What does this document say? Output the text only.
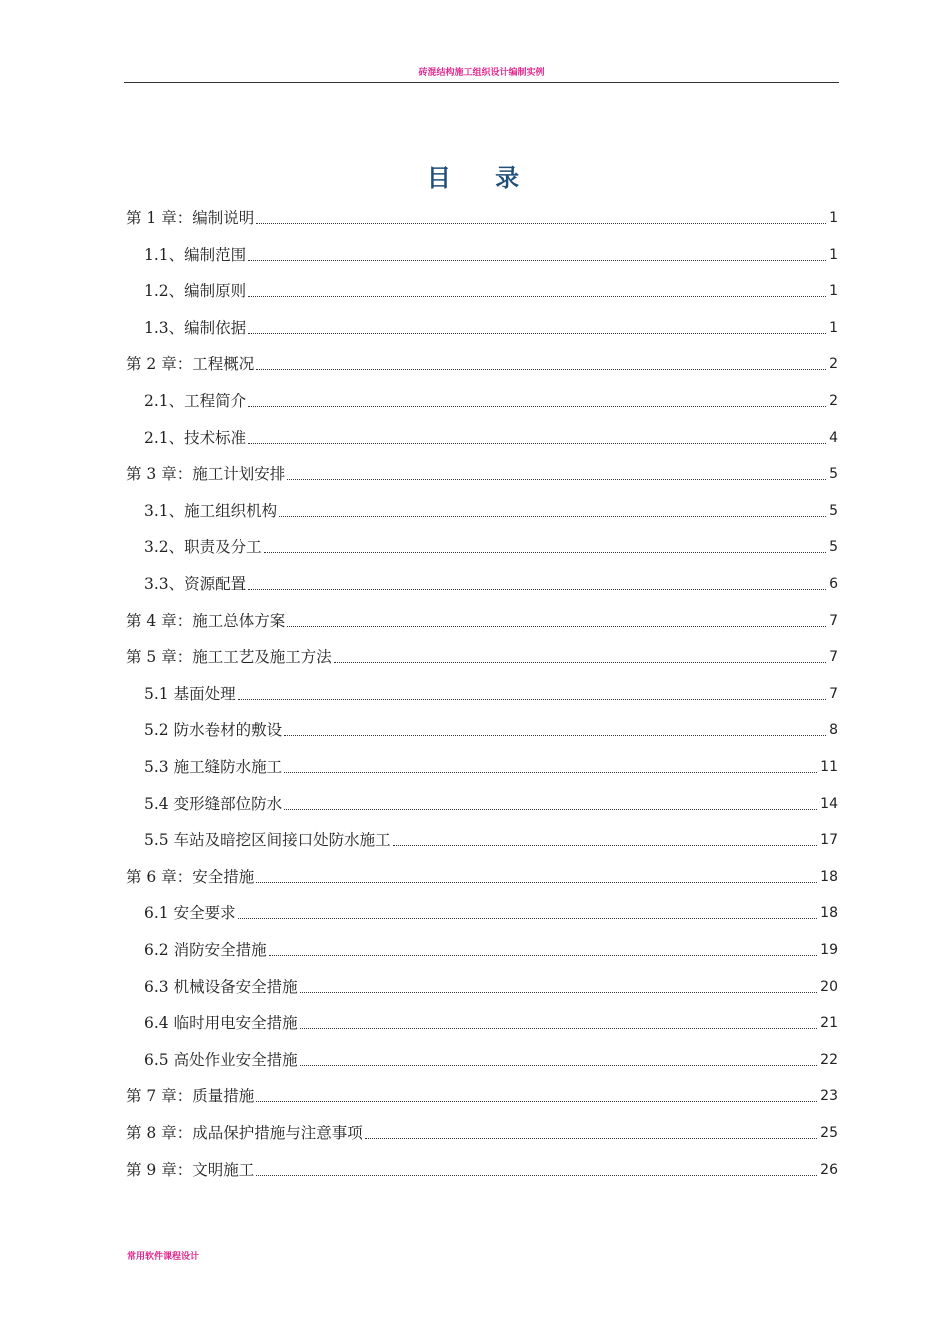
砖混结构施工组织设计编制实例
目 录
第 1 章：编制说明	1
1.1、编制范围	1
1.2、编制原则	1
1.3、编制依据	1
第 2 章：工程概况	2
2.1、工程简介	2
2.1、技术标准	4
第 3 章：施工计划安排	5
3.1、施工组织机构	5
3.2、职责及分工	5
3.3、资源配置	6
第 4 章：施工总体方案	7
第 5 章：施工工艺及施工方法	7
5.1 基面处理	7
5.2 防水卷材的敷设	8
5.3 施工缝防水施工	11
5.4 变形缝部位防水	14
5.5 车站及暗挖区间接口处防水施工	17
第 6 章：安全措施	18
6.1 安全要求	18
6.2 消防安全措施	19
6.3 机械设备安全措施	20
6.4 临时用电安全措施	21
6.5 高处作业安全措施	22
第 7 章：质量措施	23
第 8 章：成品保护措施与注意事项	25
第 9 章：文明施工	26
常用软件课程设计
